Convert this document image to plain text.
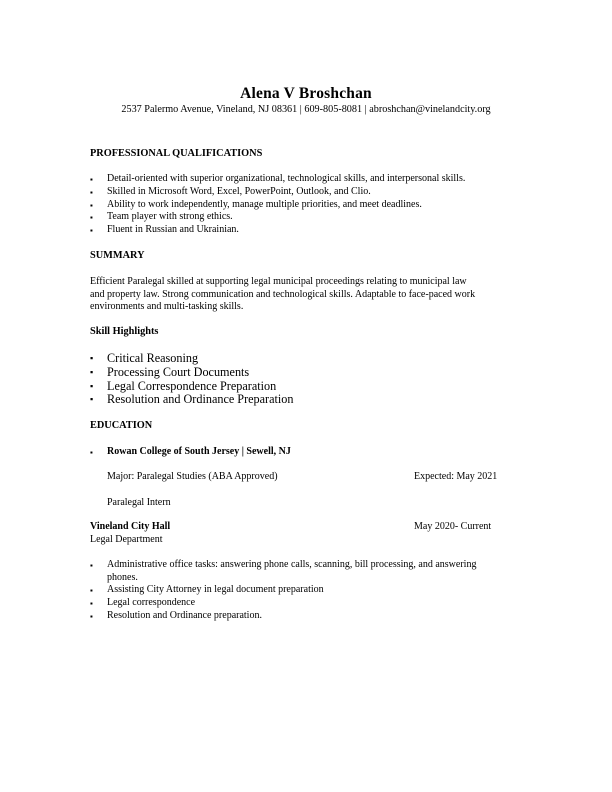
Alena V Broshchan
2537 Palermo Avenue, Vineland, NJ 08361 | 609-805-8081 | abroshchan@vinelandcity.org
PROFESSIONAL QUALIFICATIONS
▪ Detail-oriented with superior organizational, technological skills, and interpersonal skills.
▪ Skilled in Microsoft Word, Excel, PowerPoint, Outlook, and Clio.
▪ Ability to work independently, manage multiple priorities, and meet deadlines.
▪ Team player with strong ethics.
▪ Fluent in Russian and Ukrainian.
SUMMARY
Efficient Paralegal skilled at supporting legal municipal proceedings relating to municipal law
and property law. Strong communication and technological skills. Adaptable to face-paced work
environments and multi-tasking skills.
Skill Highlights
▪ Critical Reasoning
▪ Processing Court Documents
▪ Legal Correspondence Preparation
▪ Resolution and Ordinance Preparation
EDUCATION
▪ Rowan College of South Jersey | Sewell, NJ
Major: Paralegal Studies (ABA Approved)	Expected: May 2021
Paralegal Intern
Vineland City Hall	May 2020- Current
Legal Department
▪ Administrative office tasks: answering phone calls, scanning, bill processing, and answering
phones.
▪ Assisting City Attorney in legal document preparation
▪ Legal correspondence
▪ Resolution and Ordinance preparation.
